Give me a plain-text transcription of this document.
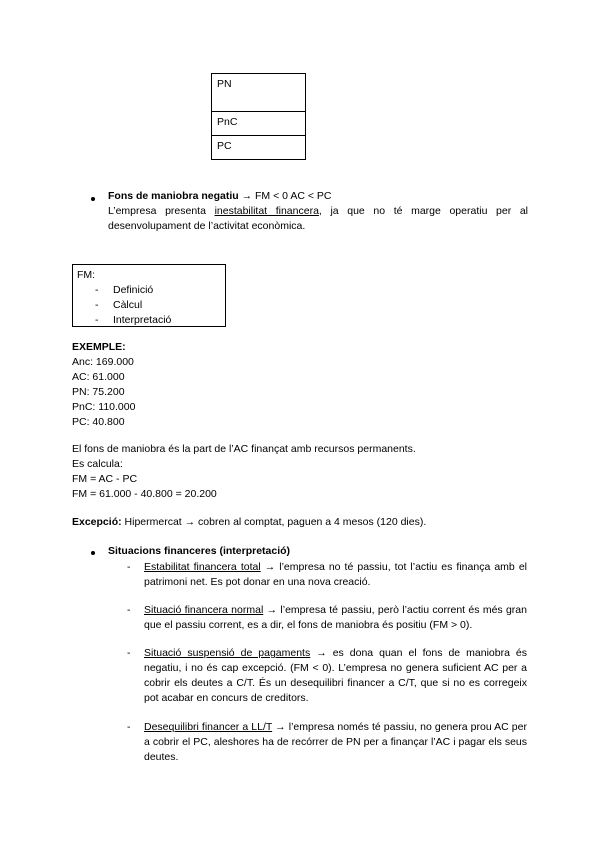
PN
PnC
PC
Fons de maniobra negatiu → FM < 0 AC < PC
L’empresa presenta inestabilitat financera, ja que no té marge operatiu per al desenvolupament de l’activitat econòmica.
FM:
- Definició
- Càlcul
- Interpretació
EXEMPLE:
Anc: 169.000
AC: 61.000
PN: 75.200
PnC: 110.000
PC: 40.800
El fons de maniobra és la part de l’AC finançat amb recursos permanents.
Es calcula:
FM = AC - PC
FM = 61.000 - 40.800 = 20.200
Excepció: Hipermercat → cobren al comptat, paguen a 4 mesos (120 dies).
Situacions financeres (interpretació)
- Estabilitat financera total → l’empresa no té passiu, tot l’actiu es finança amb el patrimoni net. Es pot donar en una nova creació.
- Situació financera normal → l’empresa té passiu, però l’actiu corrent és més gran que el passiu corrent, es a dir, el fons de maniobra és positiu (FM > 0).
- Situació suspensió de pagaments → es dona quan el fons de maniobra és negatiu, i no és cap excepció. (FM < 0). L’empresa no genera suficient AC per a cobrir els deutes a C/T. És un desequilibri financer a C/T, que si no es corregeix pot acabar en concurs de creditors.
- Desequilibri financer a LL/T → l’empresa només té passiu, no genera prou AC per a cobrir el PC, aleshores ha de recórrer de PN per a finançar l’AC i pagar els seus deutes.
